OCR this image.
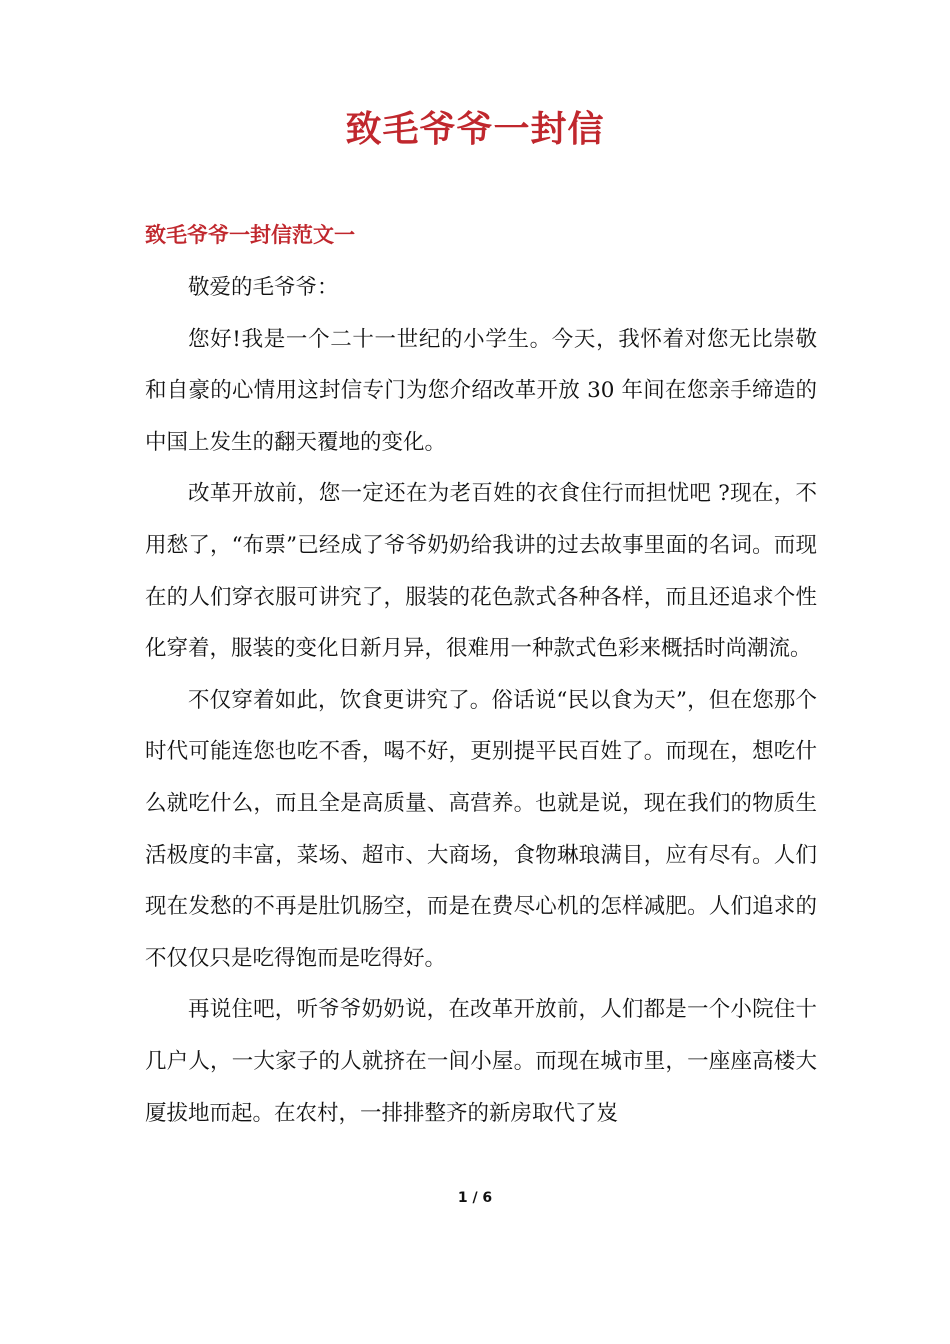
致毛爷爷一封信
致毛爷爷一封信范文一

敬爱的毛爷爷：

您好!我是一个二十一世纪的小学生。今天，我怀着对您无比崇敬和自豪的心情用这封信专门为您介绍改革开放 30 年间在您亲手缔造的中国上发生的翻天覆地的变化。

改革开放前，您一定还在为老百姓的衣食住行而担忧吧 ?现在，不用愁了，“布票”已经成了爷爷奶奶给我讲的过去故事里面的名词。而现在的人们穿衣服可讲究了，服装的花色款式各种各样，而且还追求个性化穿着，服装的变化日新月异，很难用一种款式色彩来概括时尚潮流。

不仅穿着如此，饮食更讲究了。俗话说“民以食为天”，但在您那个时代可能连您也吃不香，喝不好，更别提平民百姓了。而现在，想吃什么就吃什么，而且全是高质量、高营养。也就是说，现在我们的物质生活极度的丰富，菜场、超市、大商场，食物琳琅满目，应有尽有。人们现在发愁的不再是肚饥肠空，而是在费尽心机的怎样减肥。人们追求的不仅仅只是吃得饱而是吃得好。

再说住吧，听爷爷奶奶说，在改革开放前，人们都是一个小院住十几户人，一大家子的人就挤在一间小屋。而现在城市里，一座座高楼大厦拔地而起。在农村，一排排整齐的新房取代了岌

1 / 6
